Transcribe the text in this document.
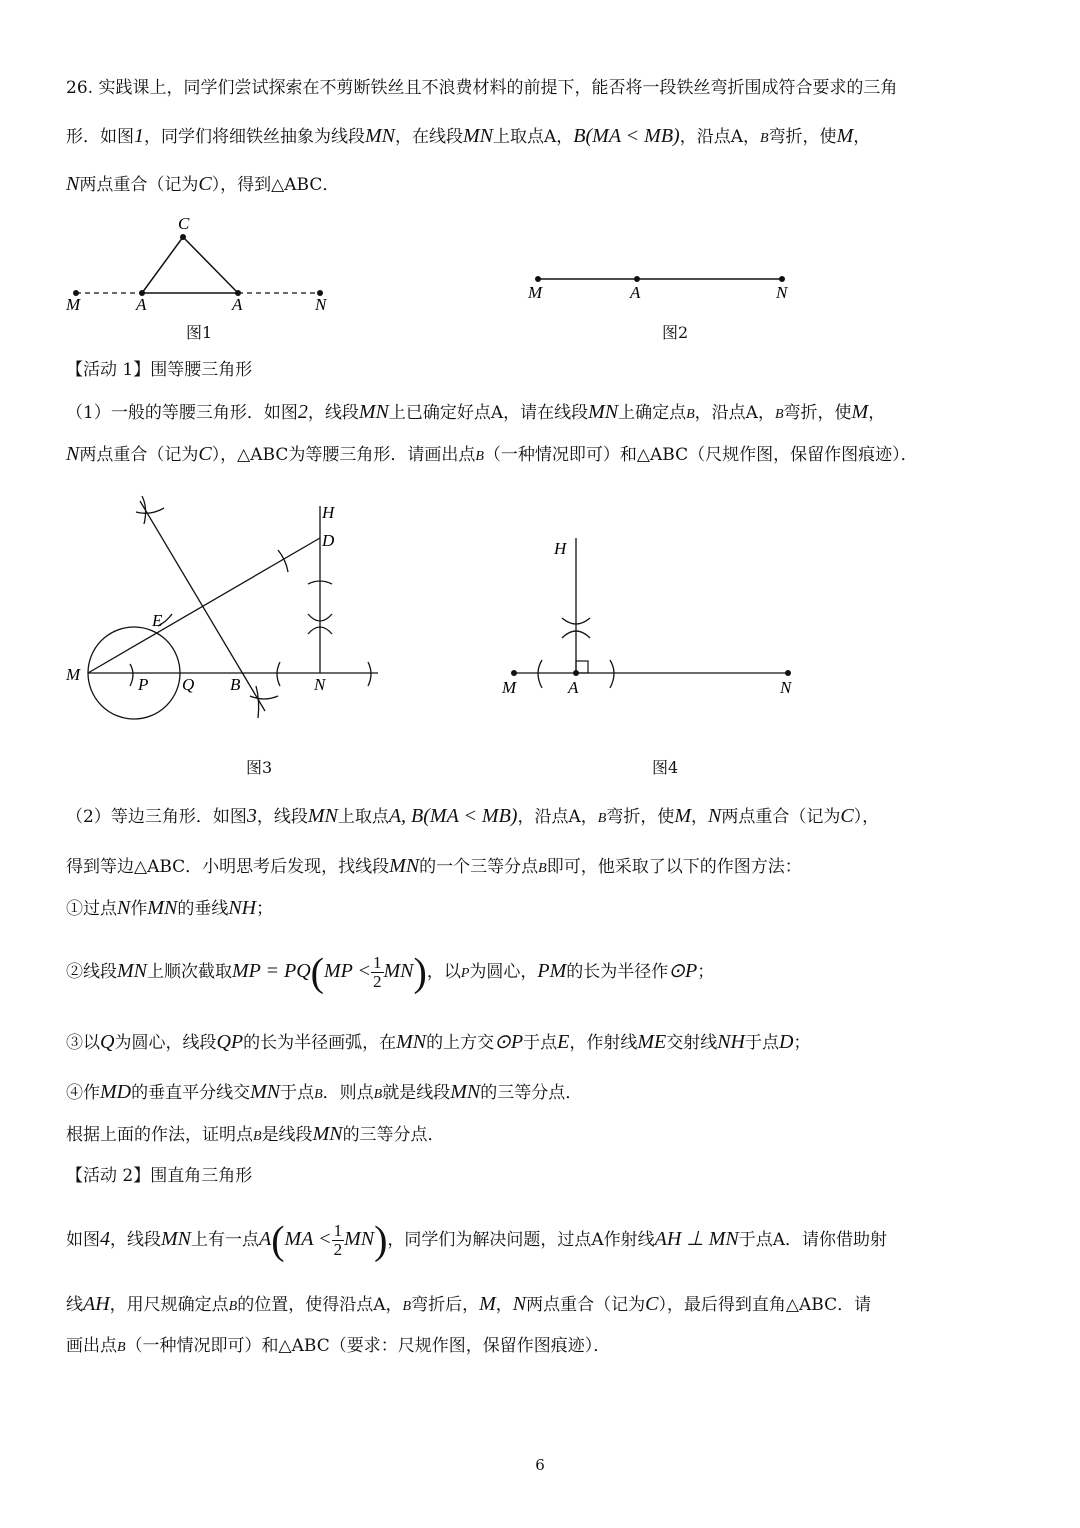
26. 实践课上，同学们尝试探索在不剪断铁丝且不浪费材料的前提下，能否将一段铁丝弯折围成符合要求的三角
形．如图1，同学们将细铁丝抽象为线段MN，在线段MN上取点A，B(MA < MB)，沿点A，B弯折，使M，
N两点重合（记为C），得到△ABC．
C
M	A	A	N
图1
M	A	N
图2
【活动 1】围等腰三角形
（1）一般的等腰三角形．如图2，线段MN上已确定好点A，请在线段MN上确定点B，沿点A，B弯折，使M，
N两点重合（记为C），△ABC为等腰三角形．请画出点B（一种情况即可）和△ABC（尺规作图，保留作图痕迹）．
H
D
E
M
P Q B	N
图3
H
M	A	N
图4
（2）等边三角形．如图3，线段MN上取点A, B(MA < MB)，沿点A，B弯折，使M，N两点重合（记为C），
得到等边△ABC．小明思考后发现，找线段MN的一个三等分点B即可，他采取了以下的作图方法：
①过点N作MN的垂线NH；
②线段MN上顺次截取MP = $PQ(MP < \frac{1}{2} MN)$，以P为圆心，PM的长为半径作⊙P；
③以Q为圆心，线段QP的长为半径画弧，在MN的上方交⊙P于点E，作射线ME交射线NH于点D；
④作MD的垂直平分线交MN于点B．则点B就是线段MN的三等分点．
根据上面的作法，证明点B是线段MN的三等分点．
【活动 2】围直角三角形
如图4，线段MN上有一点$A(MA < \frac{1}{2} MN)$，同学们为解决问题，过点A作射线AH ⊥ MN于点A．请你借助射
线AH，用尺规确定点B的位置，使得沿点A，B弯折后，M，N两点重合（记为C），最后得到直角△ABC．请
画出点B（一种情况即可）和△ABC（要求：尺规作图，保留作图痕迹）．
6
